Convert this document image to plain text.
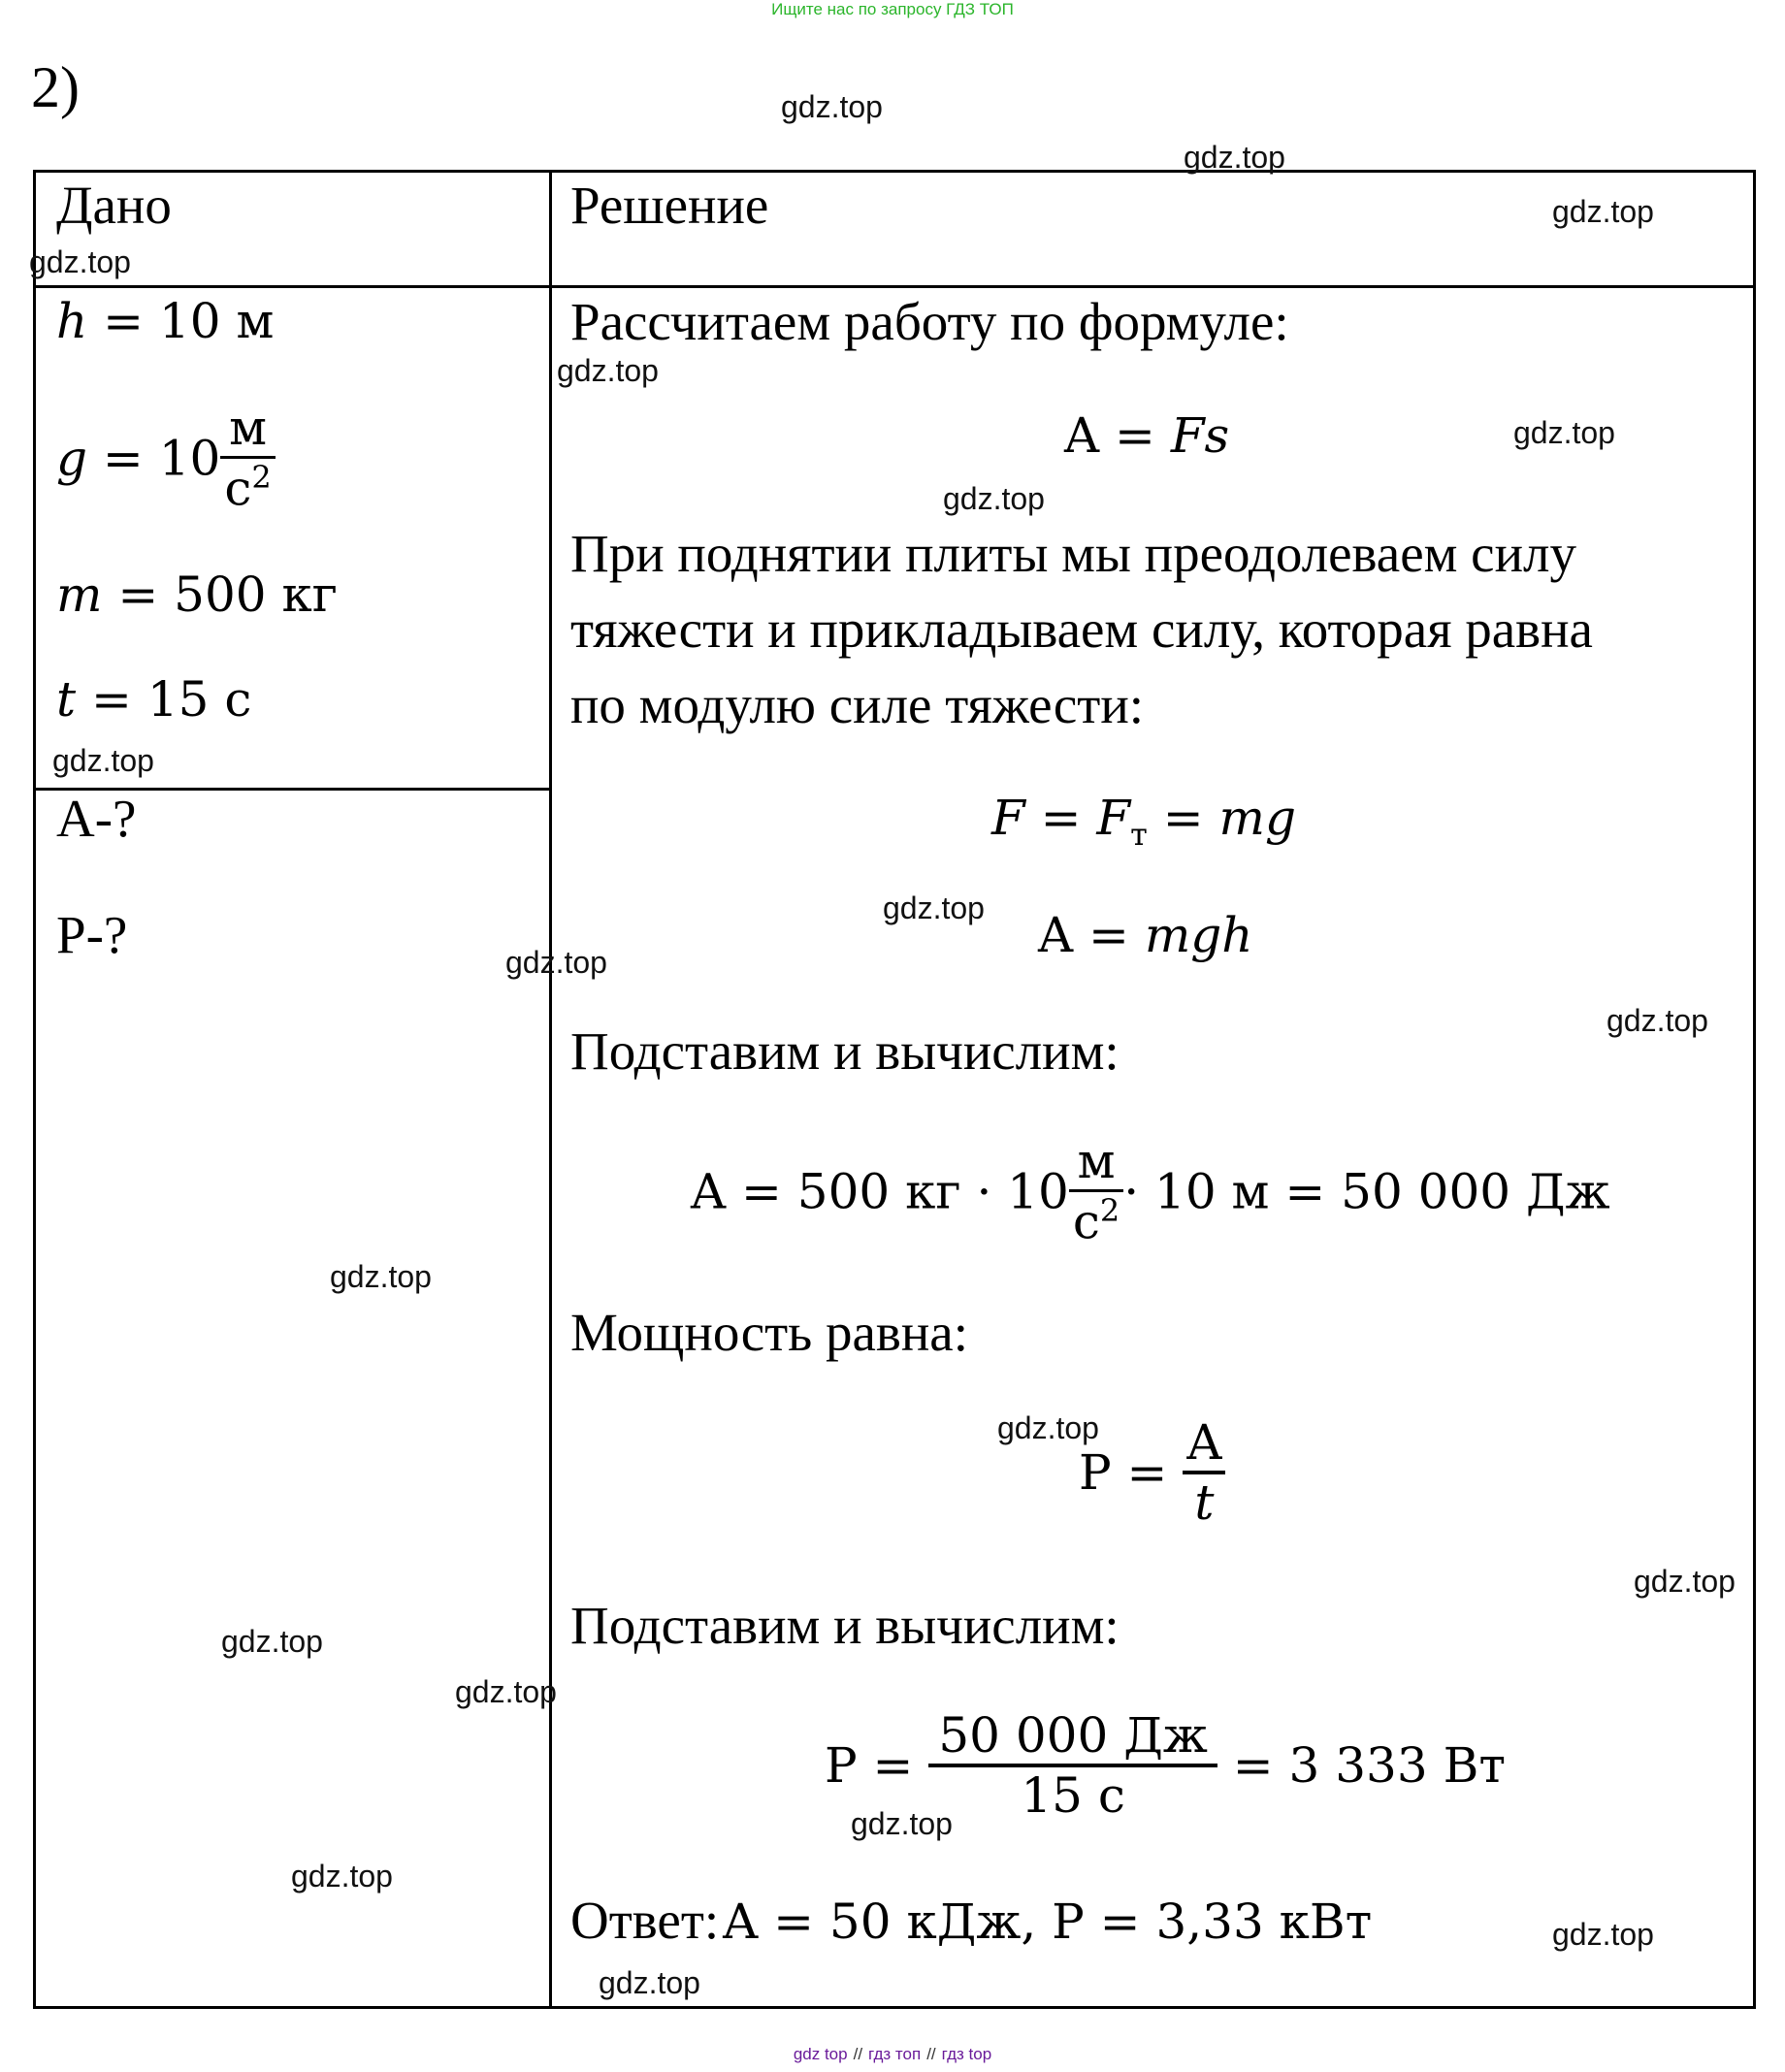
Ищите нас по запросу ГДЗ ТОП
2)
Дано	Решение
h = 10 м
$g = 10 \frac{м}{с^2}$
m = 500 кг
t = 15 с
A-?
P-?
Рассчитаем работу по формуле:
A = Fs
При поднятии плиты мы преодолеваем силу
тяжести и прикладываем силу, которая равна
по модулю силе тяжести:
$F = F_т$ = mg
A = mgh
Подставим и вычислим:
A = 500 кг · $10 \frac{м}{с^2} \cdot 10$ м = 50 000 Дж
Мощность равна:
$P = \frac{A}{t}$
Подставим и вычислим:
$P = \frac{50 000 Дж}{15 с} = 3$ 333 Вт
Ответ: A = 50 кДж, P = 3,33 кВт
gdz.top
gdz.top
gdz.top
gdz.top
gdz.top
gdz.top
gdz.top
gdz.top
gdz.top
gdz.top
gdz.top
gdz.top
gdz.top
gdz.top
gdz.top
gdz.top
gdz.top
gdz.top
gdz.top
gdz.top
gdz top // гдз топ // гдз top
